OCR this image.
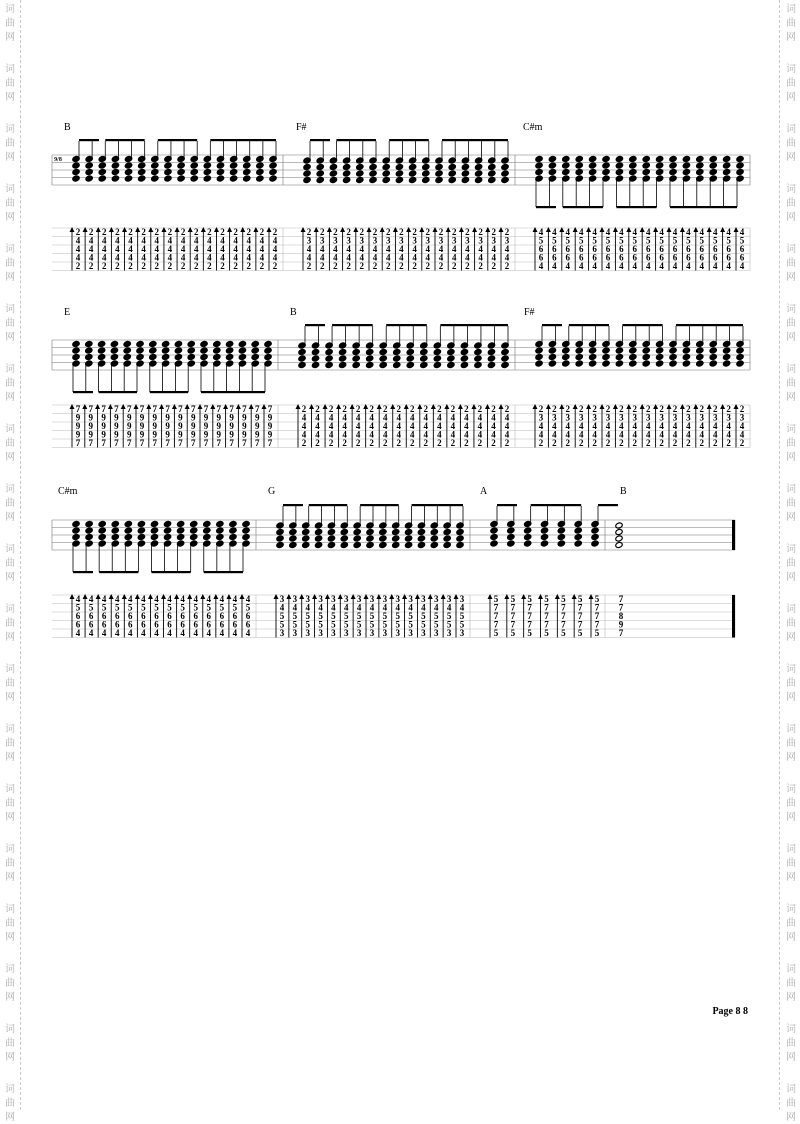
词
曲
网
词
曲
网
词
曲
网
词
曲
网
词
曲
网
词
曲
网
词
曲
网
词
曲
网
词
曲
网
词
曲
网
词
曲
网
词
曲
网
词
曲
网
词
曲
网
词
曲
网
词
曲
网
词
曲
网
词
曲
网
词
曲
网
词
曲
网
词
曲
网
词
曲
网
词
曲
网
词
曲
网
词
曲
网
词
曲
网
词
曲
网
词
曲
网
词
曲
网
词
曲
网
词
曲
网
词
曲
网
词
曲
网
词
曲
网
词
曲
网
词
曲
网
词
曲
网
词
曲
网
B	F#	C#m
E	B	F#
C#m	G	A	B
9/8
2
4
4
4
2
2
4
4
4
2
2
4
4
4
2
2
4
4
4
2
2
4
4
4
2
2
4
4
4
2
2
4
4
4
2
2
4
4
4
2
2
4
4
4
2
2
4
4
4
2
2
4
4
4
2
2
4
4
4
2
2
4
4
4
2
2
4
4
4
2
2
4
4
4
2
2
4
4
4
2
2
3
4
4
2
2
3
4
4
2
2
3
4
4
2
2
3
4
4
2
2
3
4
4
2
2
3
4
4
2
2
3
4
4
2
2
3
4
4
2
2
3
4
4
2
2
3
4
4
2
2
3
4
4
2
2
3
4
4
2
2
3
4
4
2
2
3
4
4
2
2
3
4
4
2
2
3
4
4
2
4
5
6
6
4
4
5
6
6
4
4
5
6
6
4
4
5
6
6
4
4
5
6
6
4
4
5
6
6
4
4
5
6
6
4
4
5
6
6
4
4
5
6
6
4
4
5
6
6
4
4
5
6
6
4
4
5
6
6
4
4
5
6
6
4
4
5
6
6
4
4
5
6
6
4
4
5
6
6
4
7
9
9
9
7
7
9
9
9
7
7
9
9
9
7
7
9
9
9
7
7
9
9
9
7
7
9
9
9
7
7
9
9
9
7
7
9
9
9
7
7
9
9
9
7
7
9
9
9
7
7
9
9
9
7
7
9
9
9
7
7
9
9
9
7
7
9
9
9
7
7
9
9
9
7
7
9
9
9
7
2
4
4
4
2
2
4
4
4
2
2
4
4
4
2
2
4
4
4
2
2
4
4
4
2
2
4
4
4
2
2
4
4
4
2
2
4
4
4
2
2
4
4
4
2
2
4
4
4
2
2
4
4
4
2
2
4
4
4
2
2
4
4
4
2
2
4
4
4
2
2
4
4
4
2
2
4
4
4
2
2
3
4
4
2
2
3
4
4
2
2
3
4
4
2
2
3
4
4
2
2
3
4
4
2
2
3
4
4
2
2
3
4
4
2
2
3
4
4
2
2
3
4
4
2
2
3
4
4
2
2
3
4
4
2
2
3
4
4
2
2
3
4
4
2
2
3
4
4
2
2
3
4
4
2
2
3
4
4
2
4
5
6
6
4
4
5
6
6
4
4
5
6
6
4
4
5
6
6
4
4
5
6
6
4
4
5
6
6
4
4
5
6
6
4
4
5
6
6
4
4
5
6
6
4
4
5
6
6
4
4
5
6
6
4
4
5
6
6
4
4
5
6
6
4
4
5
6
6
4
3
4
5
5
3
3
4
5
5
3
3
4
5
5
3
3
4
5
5
3
3
4
5
5
3
3
4
5
5
3
3
4
5
5
3
3
4
5
5
3
3
4
5
5
3
3
4
5
5
3
3
4
5
5
3
3
4
5
5
3
3
4
5
5
3
3
4
5
5
3
3
4
5
5
3
5
7
7
7
5
5
7
7
7
5
5
7
7
7
5
5
7
7
7
5
5
7
7
7
5
5
7
7
7
5
5
7
7
7
5
7
7
8
9
7
Page 8 8
